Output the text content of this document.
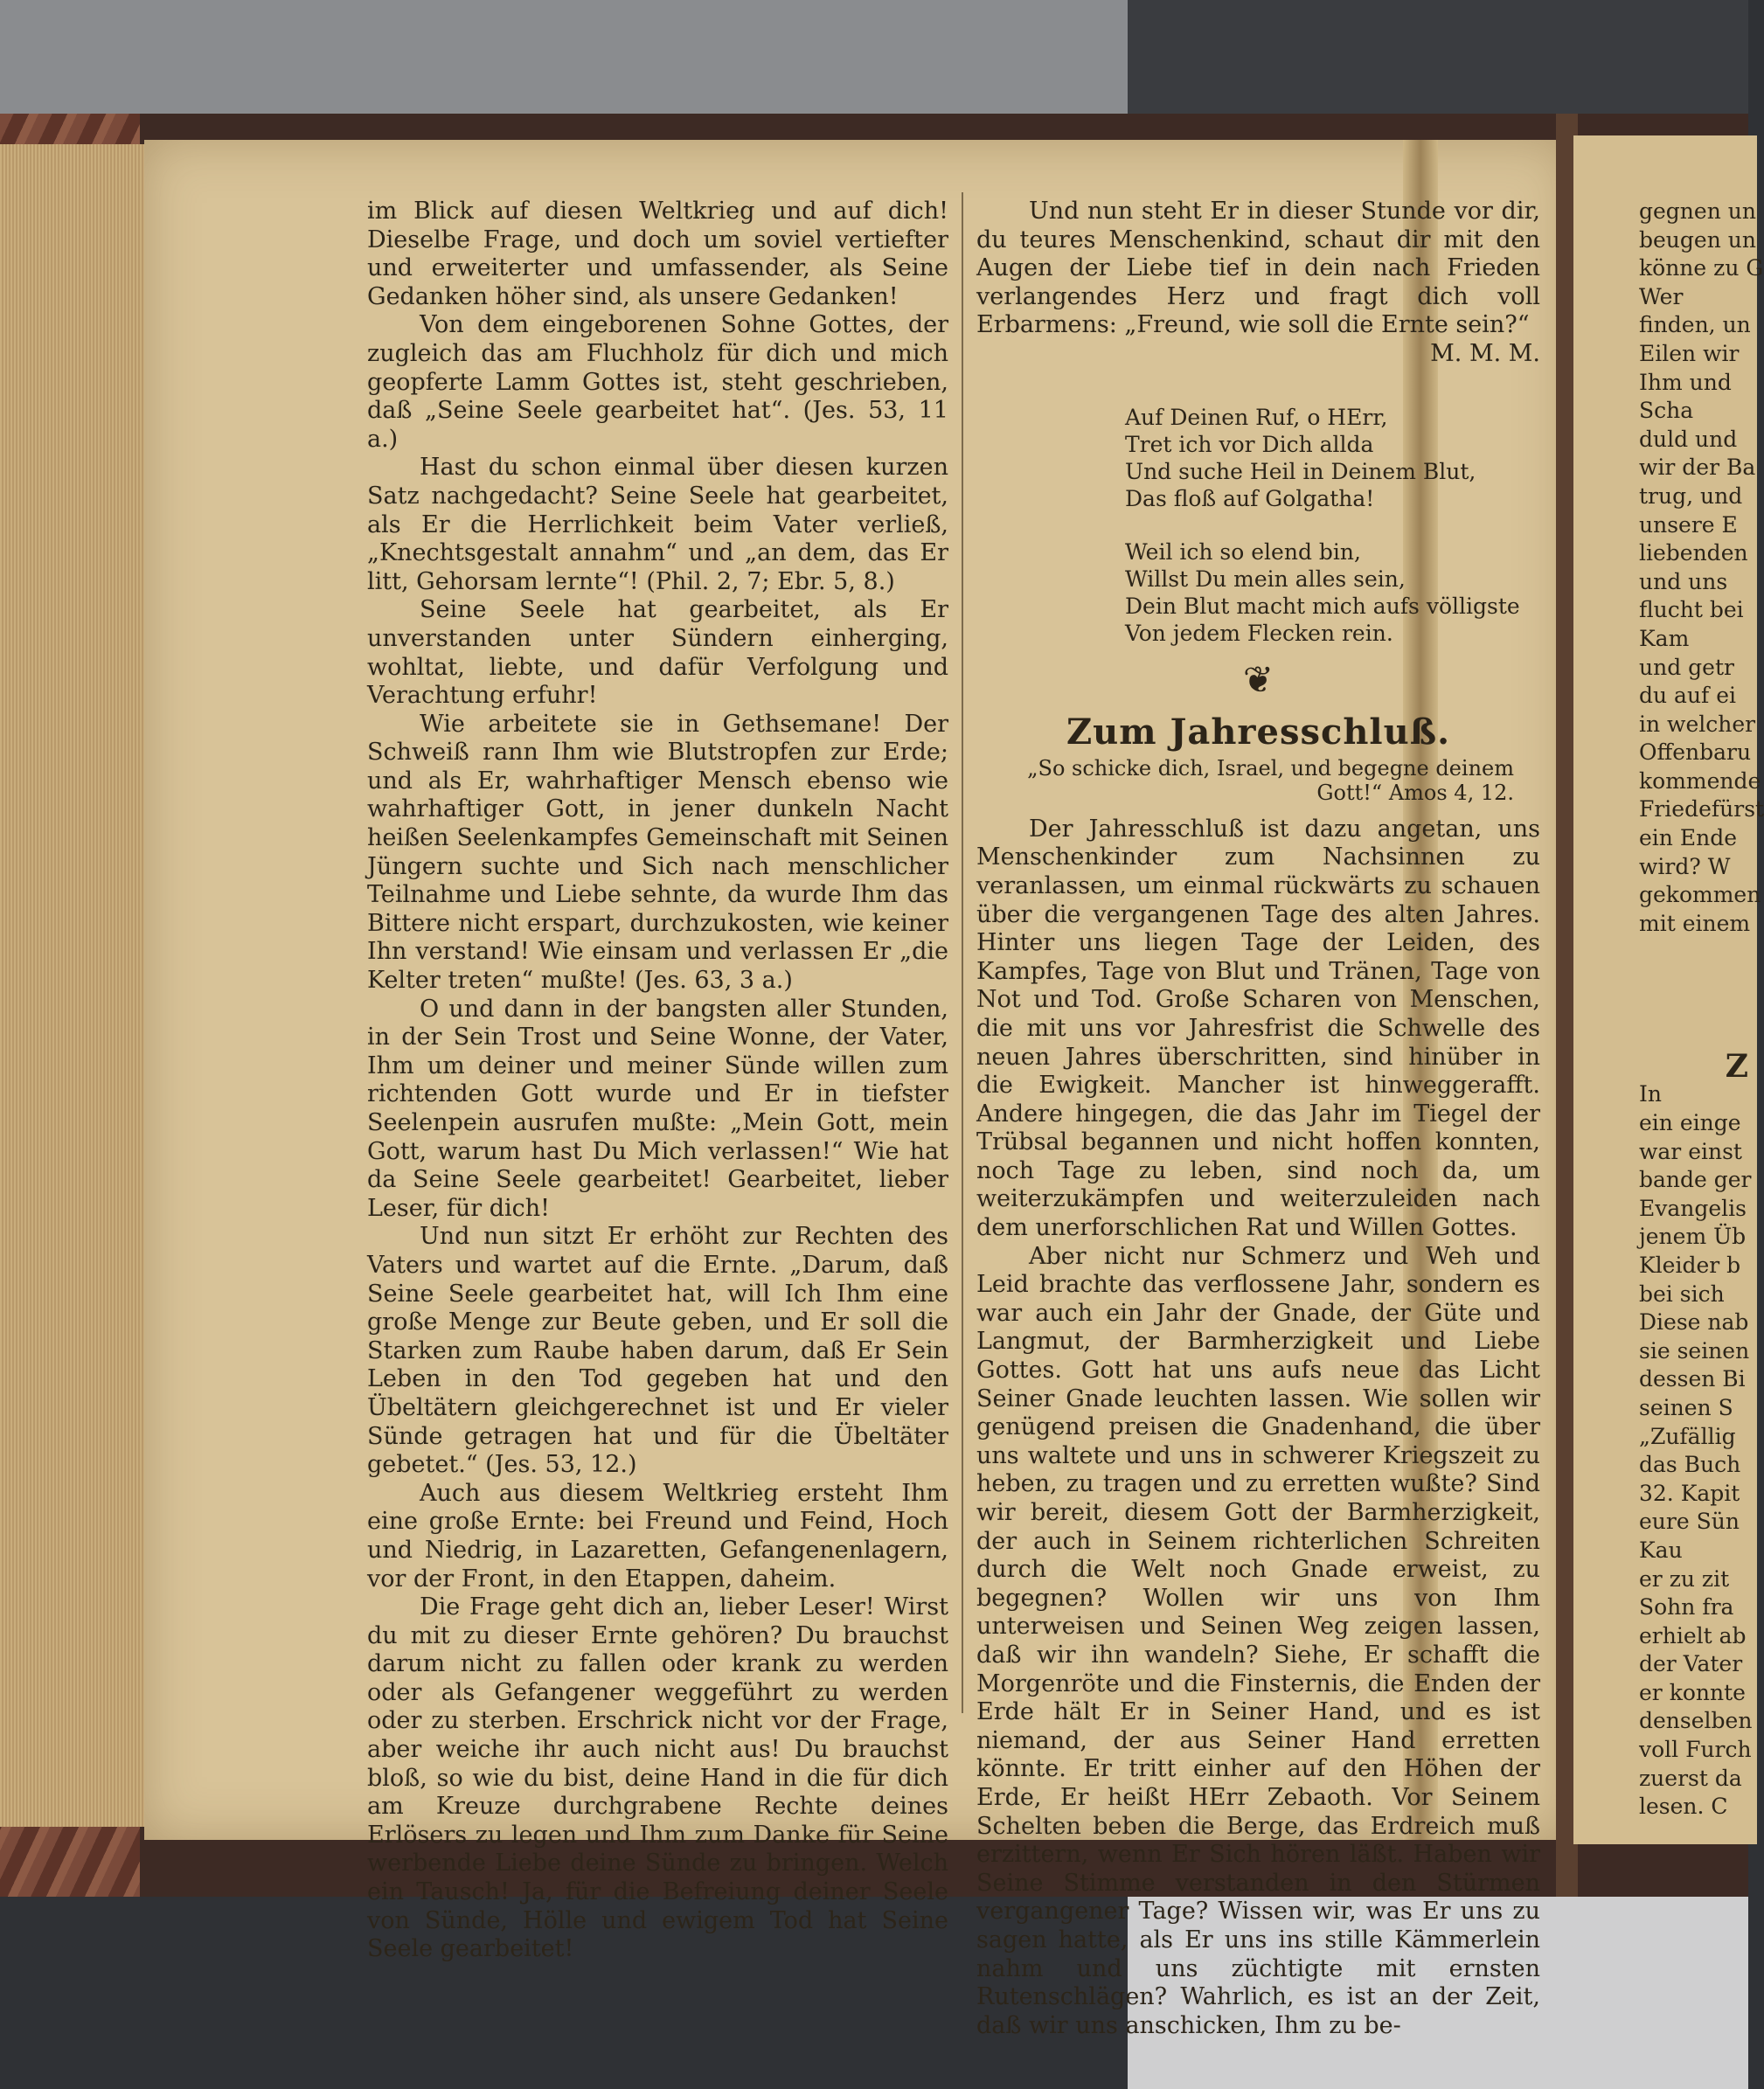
im Blick auf diesen Weltkrieg und auf dich! Dieselbe Frage, und doch um soviel vertiefter und erweiterter und umfassender, als Seine Gedanken höher sind, als unsere Gedanken!

Von dem eingeborenen Sohne Gottes, der zugleich das am Fluchholz für dich und mich geopferte Lamm Gottes ist, steht geschrieben, daß „Seine Seele gearbeitet hat“. (Jes. 53, 11 a.)

Hast du schon einmal über diesen kurzen Satz nachgedacht? Seine Seele hat gearbeitet, als Er die Herrlichkeit beim Vater verließ, „Knechtsgestalt annahm“ und „an dem, das Er litt, Gehorsam lernte“! (Phil. 2, 7; Ebr. 5, 8.)

Seine Seele hat gearbeitet, als Er unverstanden unter Sündern einherging, wohltat, liebte, und dafür Verfolgung und Verachtung erfuhr!

Wie arbeitete sie in Gethsemane! Der Schweiß rann Ihm wie Blutstropfen zur Erde; und als Er, wahrhaftiger Mensch ebenso wie wahrhaftiger Gott, in jener dunkeln Nacht heißen Seelenkampfes Gemeinschaft mit Seinen Jüngern suchte und Sich nach menschlicher Teilnahme und Liebe sehnte, da wurde Ihm das Bittere nicht erspart, durchzukosten, wie keiner Ihn verstand! Wie einsam und verlassen Er „die Kelter treten“ mußte! (Jes. 63, 3 a.)

O und dann in der bangsten aller Stunden, in der Sein Trost und Seine Wonne, der Vater, Ihm um deiner und meiner Sünde willen zum richtenden Gott wurde und Er in tiefster Seelenpein ausrufen mußte: „Mein Gott, mein Gott, warum hast Du Mich verlassen!“ Wie hat da Seine Seele gearbeitet! Gearbeitet, lieber Leser, für dich!

Und nun sitzt Er erhöht zur Rechten des Vaters und wartet auf die Ernte. „Darum, daß Seine Seele gearbeitet hat, will Ich Ihm eine große Menge zur Beute geben, und Er soll die Starken zum Raube haben darum, daß Er Sein Leben in den Tod gegeben hat und den Übeltätern gleichgerechnet ist und Er vieler Sünde getragen hat und für die Übeltäter gebetet.“ (Jes. 53, 12.)

Auch aus diesem Weltkrieg ersteht Ihm eine große Ernte: bei Freund und Feind, Hoch und Niedrig, in Lazaretten, Gefangenenlagern, vor der Front, in den Etappen, daheim.

Die Frage geht dich an, lieber Leser! Wirst du mit zu dieser Ernte gehören? Du brauchst darum nicht zu fallen oder krank zu werden oder als Gefangener weggeführt zu werden oder zu sterben. Erschrick nicht vor der Frage, aber weiche ihr auch nicht aus! Du brauchst bloß, so wie du bist, deine Hand in die für dich am Kreuze durchgrabene Rechte deines Erlösers zu legen und Ihm zum Danke für Seine werbende Liebe deine Sünde zu bringen. Welch ein Tausch! Ja, für die Befreiung deiner Seele von Sünde, Hölle und ewigem Tod hat Seine Seele gearbeitet!

Und nun steht Er in dieser Stunde vor dir, du teures Menschenkind, schaut dir mit den Augen der Liebe tief in dein nach Frieden verlangendes Herz und fragt dich voll Erbarmens: „Freund, wie soll die Ernte sein?“

M. M. M.
Auf Deinen Ruf, o HErr,
Tret ich vor Dich allda
Und suche Heil in Deinem Blut,
Das floß auf Golgatha!
Weil ich so elend bin,
Willst Du mein alles sein,
Dein Blut macht mich aufs völligste
Von jedem Flecken rein.
❦
Zum Jahresschluß.
„So schicke dich, Israel, und begegne deinem Gott!“ Amos 4, 12.

Der Jahresschluß ist dazu angetan, uns Menschenkinder zum Nachsinnen zu veranlassen, um einmal rückwärts zu schauen über die vergangenen Tage des alten Jahres. Hinter uns liegen Tage der Leiden, des Kampfes, Tage von Blut und Tränen, Tage von Not und Tod. Große Scharen von Menschen, die mit uns vor Jahresfrist die Schwelle des neuen Jahres überschritten, sind hinüber in die Ewigkeit. Mancher ist hinweggerafft. Andere hingegen, die das Jahr im Tiegel der Trübsal begannen und nicht hoffen konnten, noch Tage zu leben, sind noch da, um weiterzukämpfen und weiterzuleiden nach dem unerforschlichen Rat und Willen Gottes.

Aber nicht nur Schmerz und Weh und Leid brachte das verflossene Jahr, sondern es war auch ein Jahr der Gnade, der Güte und Langmut, der Barmherzigkeit und Liebe Gottes. Gott hat uns aufs neue das Licht Seiner Gnade leuchten lassen. Wie sollen wir genügend preisen die Gnadenhand, die über uns waltete und uns in schwerer Kriegszeit zu heben, zu tragen und zu erretten wußte? Sind wir bereit, diesem Gott der Barmherzigkeit, der auch in Seinem richterlichen Schreiten durch die Welt noch Gnade erweist, zu begegnen? Wollen wir uns von Ihm unterweisen und Seinen Weg zeigen lassen, daß wir ihn wandeln? Siehe, Er schafft die Morgenröte und die Finsternis, die Enden der Erde hält Er in Seiner Hand, und es ist niemand, der aus Seiner Hand erretten könnte. Er tritt einher auf den Höhen der Erde, Er heißt HErr Zebaoth. Vor Seinem Schelten beben die Berge, das Erdreich muß erzittern, wenn Er Sich hören läßt. Haben wir Seine Stimme verstanden in den Stürmen vergangener Tage? Wissen wir, was Er uns zu sagen hatte, als Er uns ins stille Kämmerlein nahm und uns züchtigte mit ernsten Rutenschlägen? Wahrlich, es ist an der Zeit, daß wir uns anschicken, Ihm zu be-

gegnen un
beugen un
könne zu G
Wer
finden, un
Eilen wir
Ihm und
Scha
duld und
wir der Ba
trug, und
unsere E
liebenden
und uns
flucht bei
Kam
und getr
du auf ei
in welcher
Offenbaru
kommende
Friedefürst
ein Ende
wird? W
gekommen
mit einem
Z
In
ein einge
war einst
bande ger
Evangelis
jenem Üb
Kleider b
bei sich
Diese nab
sie seinen
dessen Bi
seinen S
„Zufällig
das Buch
32. Kapit
eure Sün
Kau
er zu zit
Sohn fra
erhielt ab
der Vater
er konnte
denselben
voll Furch
zuerst da
lesen. C
